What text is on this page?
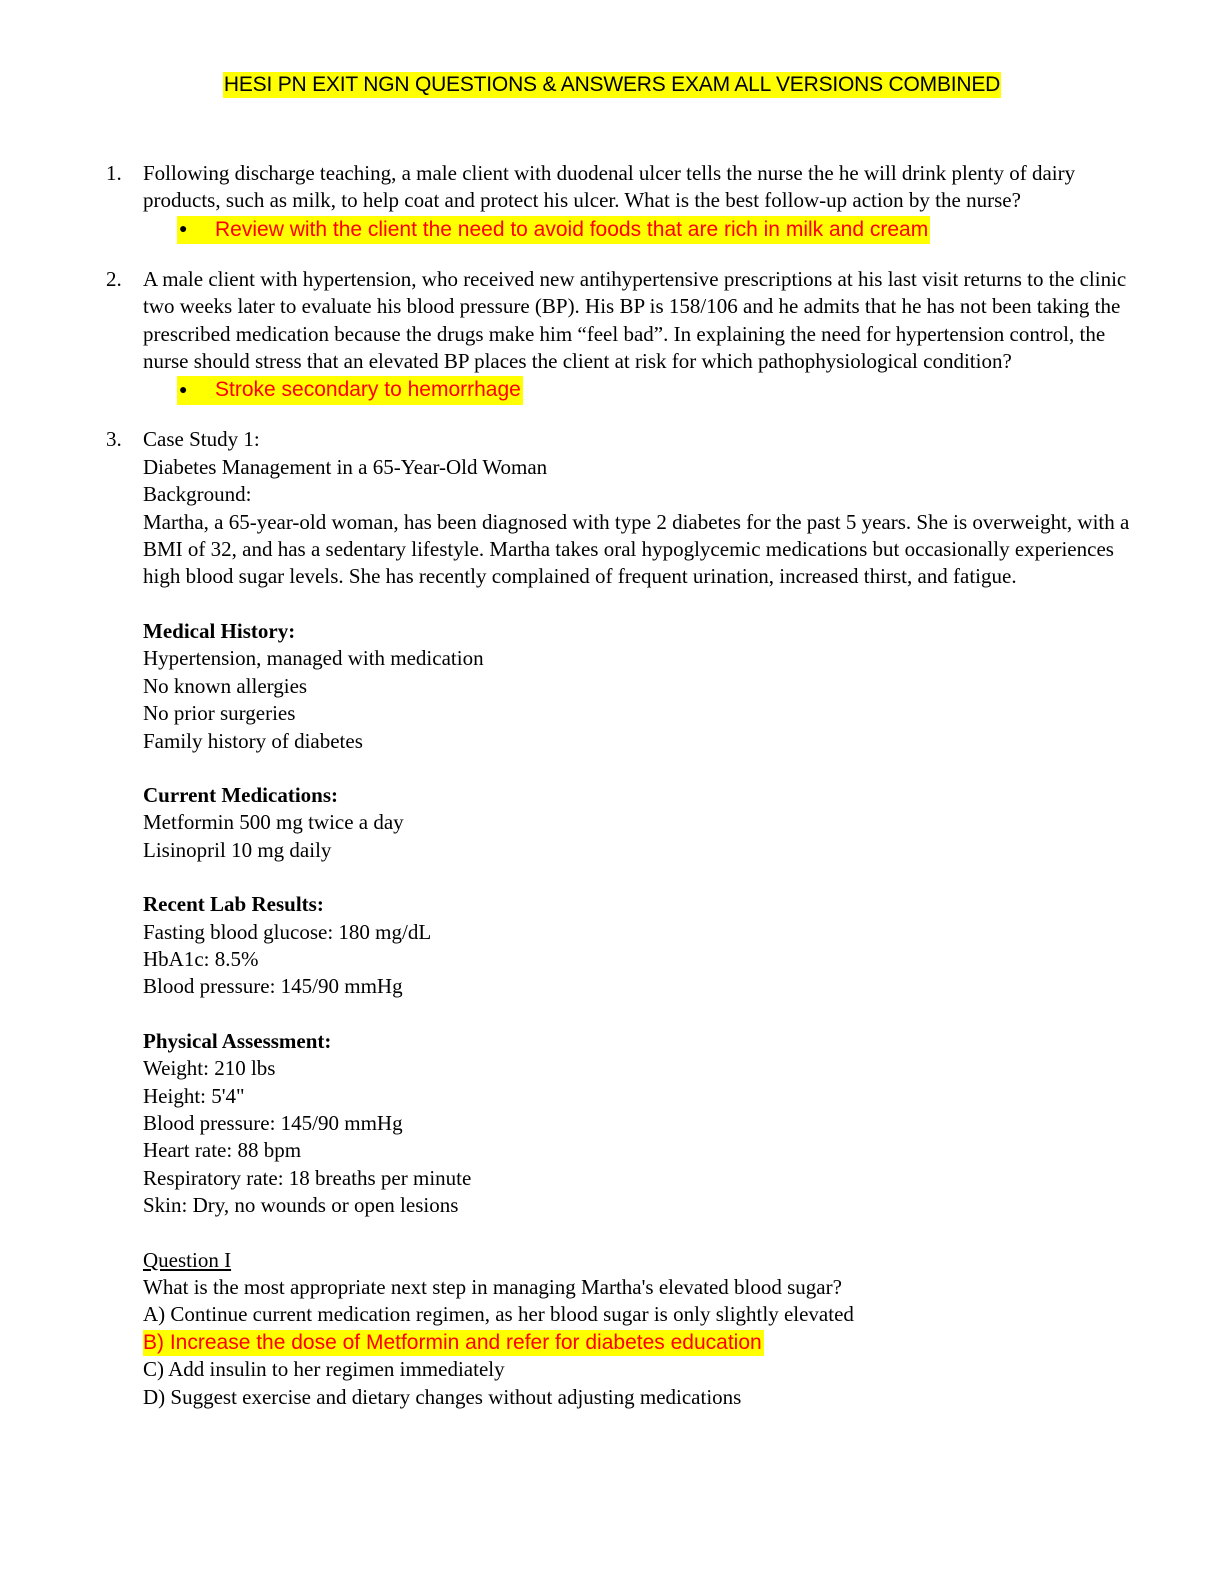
HESI PN EXIT NGN QUESTIONS & ANSWERS EXAM ALL VERSIONS COMBINED
1. Following discharge teaching, a male client with duodenal ulcer tells the nurse the he will drink plenty of dairy products, such as milk, to help coat and protect his ulcer. What is the best follow-up action by the nurse?
● Review with the client the need to avoid foods that are rich in milk and cream
2. A male client with hypertension, who received new antihypertensive prescriptions at his last visit returns to the clinic two weeks later to evaluate his blood pressure (BP). His BP is 158/106 and he admits that he has not been taking the prescribed medication because the drugs make him “feel bad”. In explaining the need for hypertension control, the nurse should stress that an elevated BP places the client at risk for which pathophysiological condition?
● Stroke secondary to hemorrhage
3. Case Study 1:
Diabetes Management in a 65-Year-Old Woman
Background:
Martha, a 65-year-old woman, has been diagnosed with type 2 diabetes for the past 5 years. She is overweight, with a BMI of 32, and has a sedentary lifestyle. Martha takes oral hypoglycemic medications but occasionally experiences high blood sugar levels. She has recently complained of frequent urination, increased thirst, and fatigue.
Medical History:
Hypertension, managed with medication
No known allergies
No prior surgeries
Family history of diabetes
Current Medications:
Metformin 500 mg twice a day
Lisinopril 10 mg daily
Recent Lab Results:
Fasting blood glucose: 180 mg/dL
HbA1c: 8.5%
Blood pressure: 145/90 mmHg
Physical Assessment:
Weight: 210 lbs
Height: 5'4"
Blood pressure: 145/90 mmHg
Heart rate: 88 bpm
Respiratory rate: 18 breaths per minute
Skin: Dry, no wounds or open lesions
Question I
What is the most appropriate next step in managing Martha's elevated blood sugar?
A) Continue current medication regimen, as her blood sugar is only slightly elevated
B) Increase the dose of Metformin and refer for diabetes education
C) Add insulin to her regimen immediately
D) Suggest exercise and dietary changes without adjusting medications
